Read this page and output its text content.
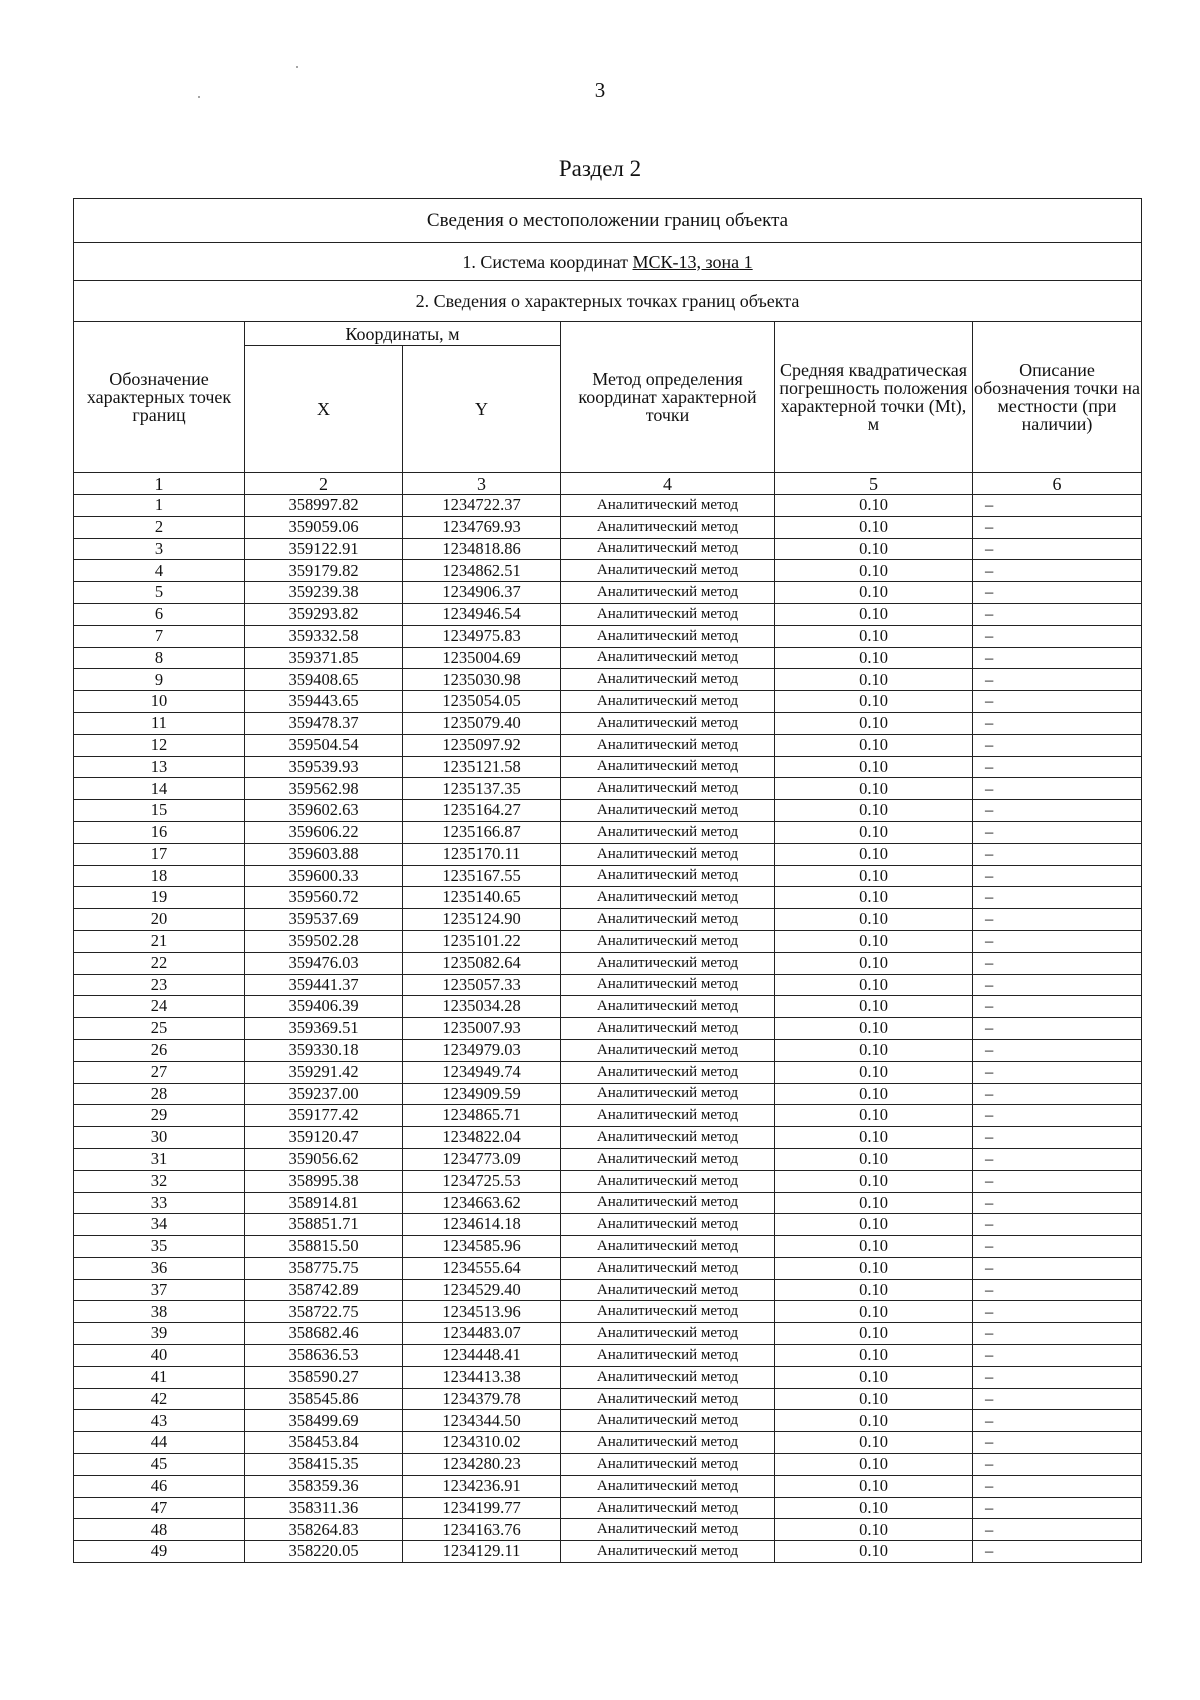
3
Раздел 2
Сведения о местоположении границ объекта					
1. Система координат МСК-13, зона 1					
2. Сведения о характерных точках границ объекта					
Обозначение характерных точек границ	Координаты, м		Метод определения координат характерной точки	Средняя квадратическая погрешность положения характерной точки (Mt), м	Описание обозначения точки на местности (при наличии)
	X	Y			
1	2	3	4	5	6
1	358997.82	1234722.37	Аналитический метод	0.10	–
2	359059.06	1234769.93	Аналитический метод	0.10	–
3	359122.91	1234818.86	Аналитический метод	0.10	–
4	359179.82	1234862.51	Аналитический метод	0.10	–
5	359239.38	1234906.37	Аналитический метод	0.10	–
6	359293.82	1234946.54	Аналитический метод	0.10	–
7	359332.58	1234975.83	Аналитический метод	0.10	–
8	359371.85	1235004.69	Аналитический метод	0.10	–
9	359408.65	1235030.98	Аналитический метод	0.10	–
10	359443.65	1235054.05	Аналитический метод	0.10	–
11	359478.37	1235079.40	Аналитический метод	0.10	–
12	359504.54	1235097.92	Аналитический метод	0.10	–
13	359539.93	1235121.58	Аналитический метод	0.10	–
14	359562.98	1235137.35	Аналитический метод	0.10	–
15	359602.63	1235164.27	Аналитический метод	0.10	–
16	359606.22	1235166.87	Аналитический метод	0.10	–
17	359603.88	1235170.11	Аналитический метод	0.10	–
18	359600.33	1235167.55	Аналитический метод	0.10	–
19	359560.72	1235140.65	Аналитический метод	0.10	–
20	359537.69	1235124.90	Аналитический метод	0.10	–
21	359502.28	1235101.22	Аналитический метод	0.10	–
22	359476.03	1235082.64	Аналитический метод	0.10	–
23	359441.37	1235057.33	Аналитический метод	0.10	–
24	359406.39	1235034.28	Аналитический метод	0.10	–
25	359369.51	1235007.93	Аналитический метод	0.10	–
26	359330.18	1234979.03	Аналитический метод	0.10	–
27	359291.42	1234949.74	Аналитический метод	0.10	–
28	359237.00	1234909.59	Аналитический метод	0.10	–
29	359177.42	1234865.71	Аналитический метод	0.10	–
30	359120.47	1234822.04	Аналитический метод	0.10	–
31	359056.62	1234773.09	Аналитический метод	0.10	–
32	358995.38	1234725.53	Аналитический метод	0.10	–
33	358914.81	1234663.62	Аналитический метод	0.10	–
34	358851.71	1234614.18	Аналитический метод	0.10	–
35	358815.50	1234585.96	Аналитический метод	0.10	–
36	358775.75	1234555.64	Аналитический метод	0.10	–
37	358742.89	1234529.40	Аналитический метод	0.10	–
38	358722.75	1234513.96	Аналитический метод	0.10	–
39	358682.46	1234483.07	Аналитический метод	0.10	–
40	358636.53	1234448.41	Аналитический метод	0.10	–
41	358590.27	1234413.38	Аналитический метод	0.10	–
42	358545.86	1234379.78	Аналитический метод	0.10	–
43	358499.69	1234344.50	Аналитический метод	0.10	–
44	358453.84	1234310.02	Аналитический метод	0.10	–
45	358415.35	1234280.23	Аналитический метод	0.10	–
46	358359.36	1234236.91	Аналитический метод	0.10	–
47	358311.36	1234199.77	Аналитический метод	0.10	–
48	358264.83	1234163.76	Аналитический метод	0.10	–
49	358220.05	1234129.11	Аналитический метод	0.10	–
